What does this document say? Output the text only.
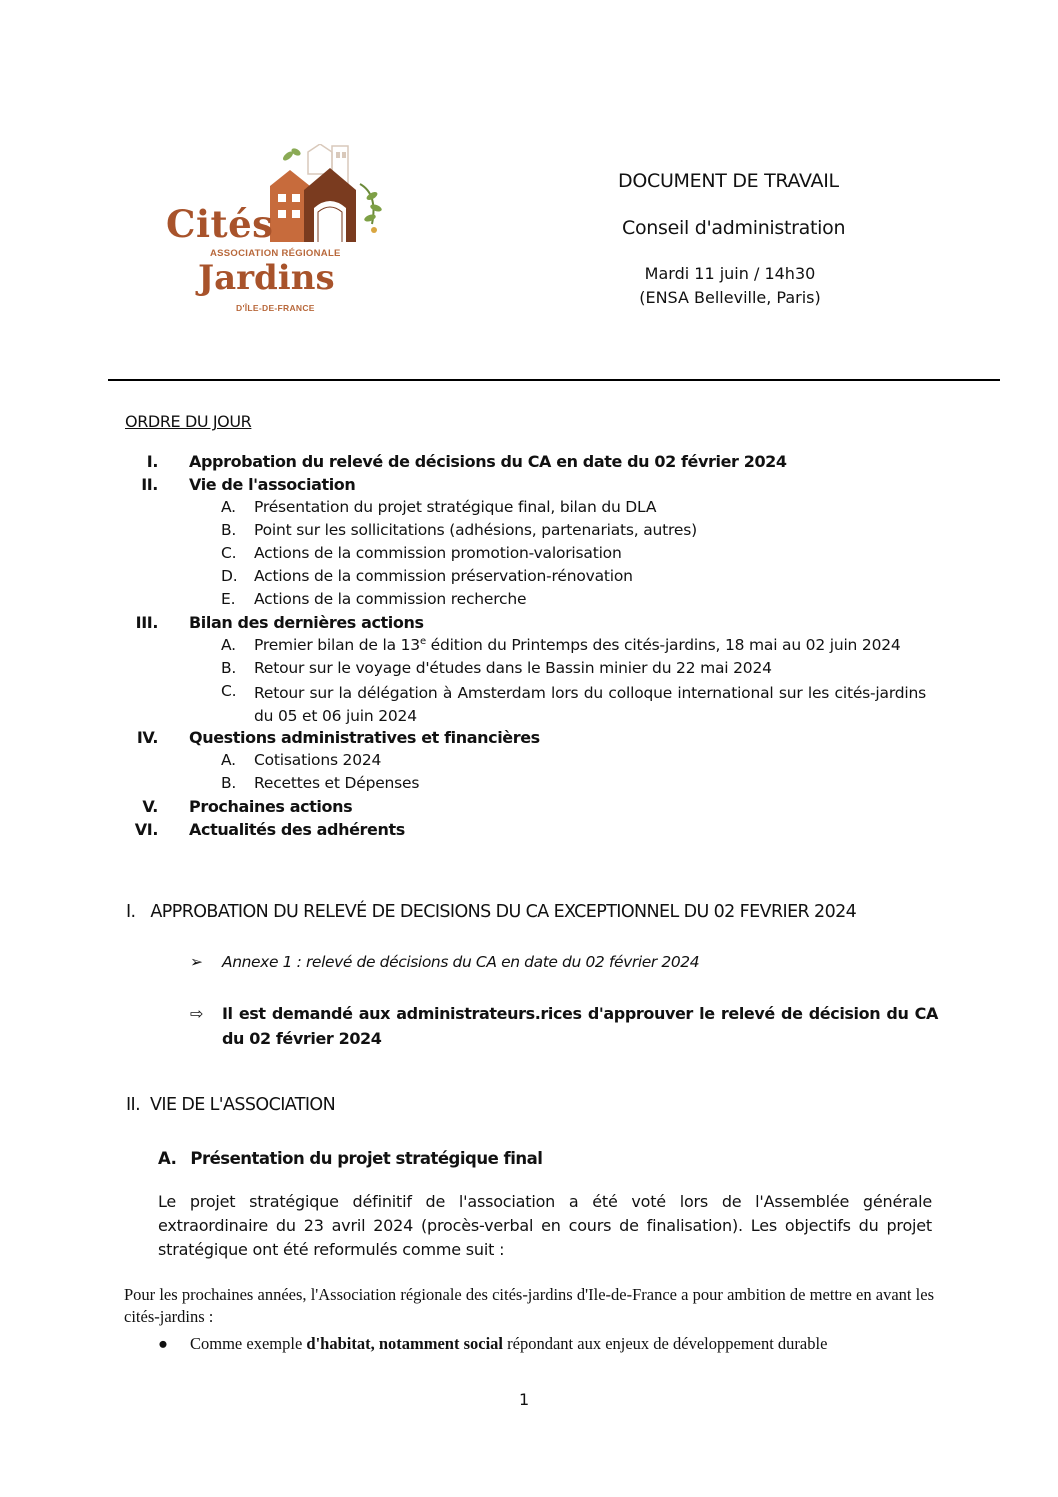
Cités
ASSOCIATION RÉGIONALE
Jardins
D'ÎLE-DE-FRANCE
DOCUMENT DE TRAVAIL
Conseil d'administration
Mardi 11 juin / 14h30
(ENSA Belleville, Paris)
ORDRE DU JOUR
I. Approbation du relevé de décisions du CA en date du 02 février 2024
II. Vie de l'association
A. Présentation du projet stratégique final, bilan du DLA
B. Point sur les sollicitations (adhésions, partenariats, autres)
C. Actions de la commission promotion-valorisation
D. Actions de la commission préservation-rénovation
E. Actions de la commission recherche
III. Bilan des dernières actions
A. Premier bilan de la 13e édition du Printemps des cités-jardins, 18 mai au 02 juin 2024
B. Retour sur le voyage d'études dans le Bassin minier du 22 mai 2024
C. Retour sur la délégation à Amsterdam lors du colloque international sur les cités-jardins du 05 et 06 juin 2024
IV. Questions administratives et financières
A. Cotisations 2024
B. Recettes et Dépenses
V. Prochaines actions
VI. Actualités des adhérents
I.   APPROBATION DU RELEVÉ DE DECISIONS DU CA EXCEPTIONNEL DU 02 FEVRIER 2024
➢ Annexe 1 : relevé de décisions du CA en date du 02 février 2024
⇨ Il est demandé aux administrateurs.rices d'approuver le relevé de décision du CA du 02 février 2024
II.  VIE DE L'ASSOCIATION
A. Présentation du projet stratégique final
Le projet stratégique définitif de l'association a été voté lors de l'Assemblée générale extraordinaire du 23 avril 2024 (procès-verbal en cours de finalisation). Les objectifs du projet stratégique ont été reformulés comme suit :
Pour les prochaines années, l'Association régionale des cités-jardins d'Ile-de-France a pour ambition de mettre en avant les cités-jardins :
● Comme exemple d'habitat, notamment social répondant aux enjeux de développement durable
1
